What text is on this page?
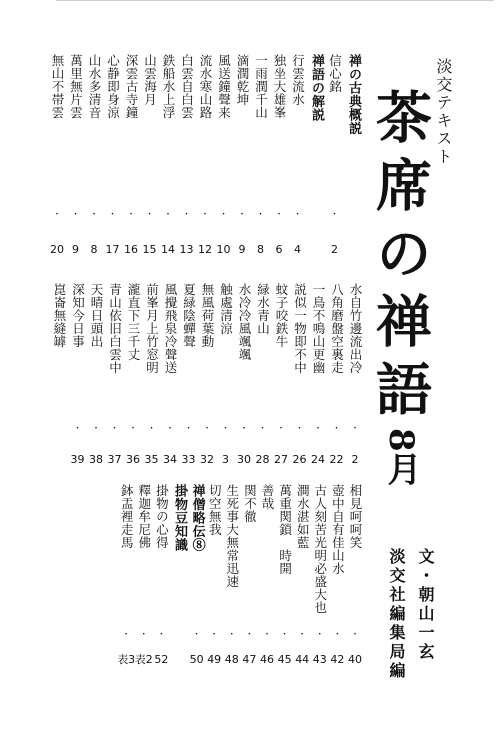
淡交テキスト
茶席の禅語
8月
文・朝山一玄
淡交社編集局編
禅の古典概説
信心銘
·
2
禅語の解説
行雲流水
·
4
独坐大雄峯
·
6
一雨潤千山
·
8
滴潤乾坤
·
9
風送鐘聲来
·
10
流水寒山路
·
12
白雲自白雲
·
13
鉄船水上浮
·
14
山雲海月
·
15
深雲古寺鐘
·
16
心静即身涼
·
17
山水多清音
·
8
萬里無片雲
·
9
無山不帯雲
·
20
水自竹邊流出冷
·
2
八角磨盤空裏走
·
22
一鳥不鳴山更幽
·
24
説似一物即不中
·
26
蚊子咬鉄牛
·
27
緑水青山
·
28
水冷冷風颯颯
·
30
触處清涼
·
3
無風荷葉動
·
32
夏緑陰蟬聲
·
33
風攪飛泉冷聲送
·
34
前峯月上竹窓明
·
35
瀧直下三千丈
·
36
青山依旧白雲中
·
37
天晴日頭出
·
38
深知今日事
·
39
崑崙無縫罅
相見呵呵笑
·
40
壺中自有佳山水
·
42
古人刻苦光明必盛大也
·
43
澗水湛如藍
·
44
萬重関鎖　時開
·
45
善哉
·
46
関不徹
·
47
生死事大無常迅速
·
48
切空無我
·
49
禅僧略伝⑧
·
50
掛物豆知識
掛物の心得
·
52
釋迦牟尼佛
·
表2
鉢盂裡走馬
·
表3
